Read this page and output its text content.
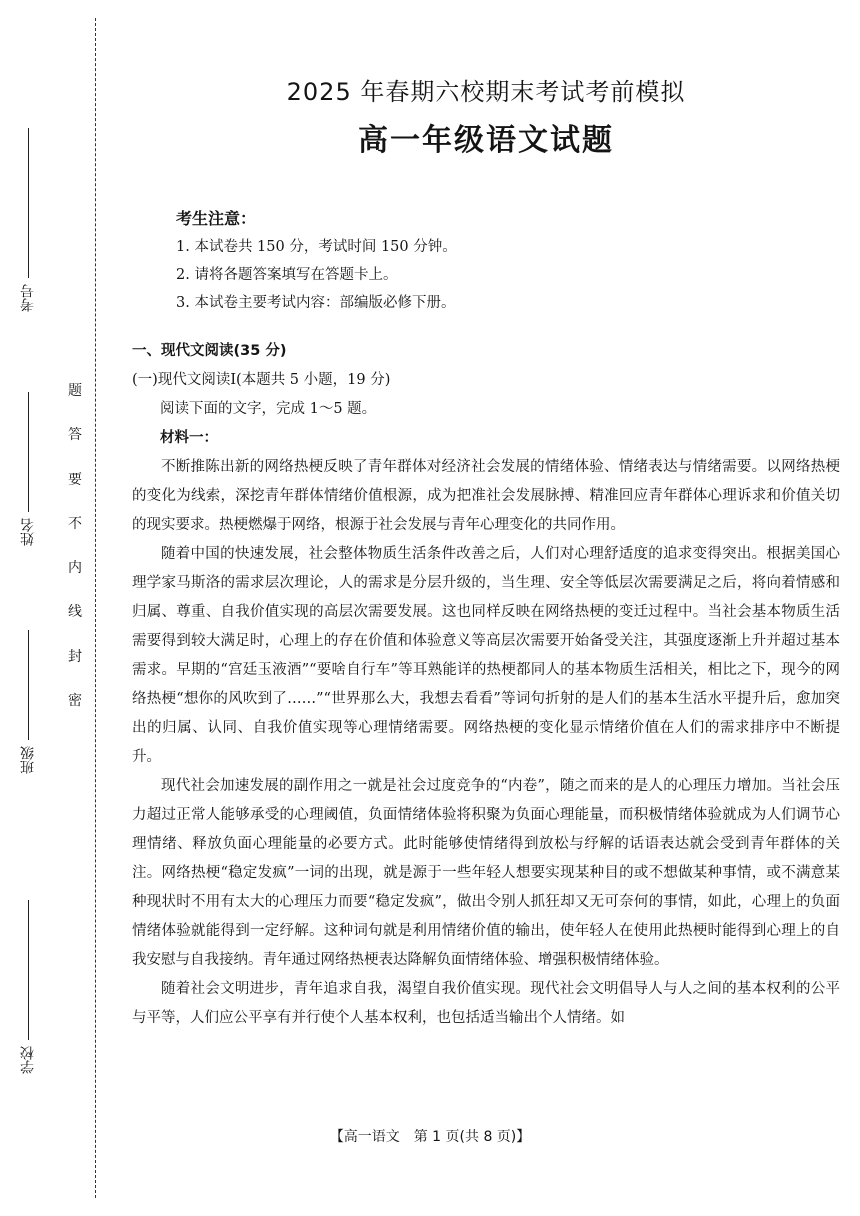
考号
姓名
班级
学校
题
答
要
不
内
线
封
密
2025 年春期六校期末考试考前模拟
高一年级语文试题
考生注意：
1. 本试卷共 150 分，考试时间 150 分钟。
2. 请将各题答案填写在答题卡上。
3. 本试卷主要考试内容：部编版必修下册。
一、现代文阅读(35 分)
(一)现代文阅读Ⅰ(本题共 5 小题，19 分)
阅读下面的文字，完成 1～5 题。
材料一：

不断推陈出新的网络热梗反映了青年群体对经济社会发展的情绪体验、情绪表达与情绪需要。以网络热梗的变化为线索，深挖青年群体情绪价值根源，成为把准社会发展脉搏、精准回应青年群体心理诉求和价值关切的现实要求。热梗燃爆于网络，根源于社会发展与青年心理变化的共同作用。

随着中国的快速发展，社会整体物质生活条件改善之后，人们对心理舒适度的追求变得突出。根据美国心理学家马斯洛的需求层次理论，人的需求是分层升级的，当生理、安全等低层次需要满足之后，将向着情感和归属、尊重、自我价值实现的高层次需要发展。这也同样反映在网络热梗的变迁过程中。当社会基本物质生活需要得到较大满足时，心理上的存在价值和体验意义等高层次需要开始备受关注，其强度逐渐上升并超过基本需求。早期的“宫廷玉液酒”“要啥自行车”等耳熟能详的热梗都同人的基本物质生活相关，相比之下，现今的网络热梗“想你的风吹到了……”“世界那么大，我想去看看”等词句折射的是人们的基本生活水平提升后，愈加突出的归属、认同、自我价值实现等心理情绪需要。网络热梗的变化显示情绪价值在人们的需求排序中不断提升。

现代社会加速发展的副作用之一就是社会过度竞争的“内卷”，随之而来的是人的心理压力增加。当社会压力超过正常人能够承受的心理阈值，负面情绪体验将积聚为负面心理能量，而积极情绪体验就成为人们调节心理情绪、释放负面心理能量的必要方式。此时能够使情绪得到放松与纾解的话语表达就会受到青年群体的关注。网络热梗“稳定发疯”一词的出现，就是源于一些年轻人想要实现某种目的或不想做某种事情，或不满意某种现状时不用有太大的心理压力而要“稳定发疯”，做出令别人抓狂却又无可奈何的事情，如此，心理上的负面情绪体验就能得到一定纾解。这种词句就是利用情绪价值的输出，使年轻人在使用此热梗时能得到心理上的自我安慰与自我接纳。青年通过网络热梗表达降解负面情绪体验、增强积极情绪体验。

随着社会文明进步，青年追求自我，渴望自我价值实现。现代社会文明倡导人与人之间的基本权利的公平与平等，人们应公平享有并行使个人基本权利，也包括适当输出个人情绪。如

【高一语文　第 1 页(共 8 页)】
